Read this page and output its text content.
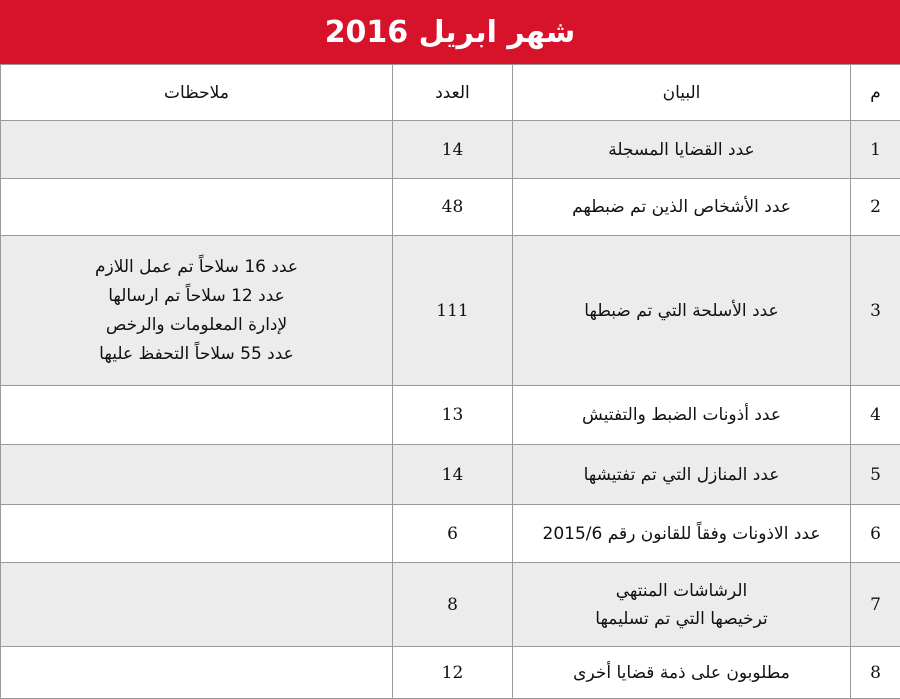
شهر ابريل 2016
م	البيان	العدد	ملاحظات
1	عدد القضايا المسجلة	14	
2	عدد الأشخاص الذين تم ضبطهم	48	
3	عدد الأسلحة التي تم ضبطها	111	عدد 16 سلاحاً تم عمل اللازم
عدد 12 سلاحاً تم ارسالها
لإدارة المعلومات والرخص
عدد 55 سلاحاً التحفظ عليها

4	عدد أذونات الضبط والتفتيش	13	
5	عدد المنازل التي تم تفتيشها	14	
6	عدد الاذونات وفقاً للقانون رقم 2015/6	6	
7	الرشاشات المنتهي
ترخيصها التي تم تسليمها	8	
8	مطلوبون على ذمة قضايا أخرى	12	
